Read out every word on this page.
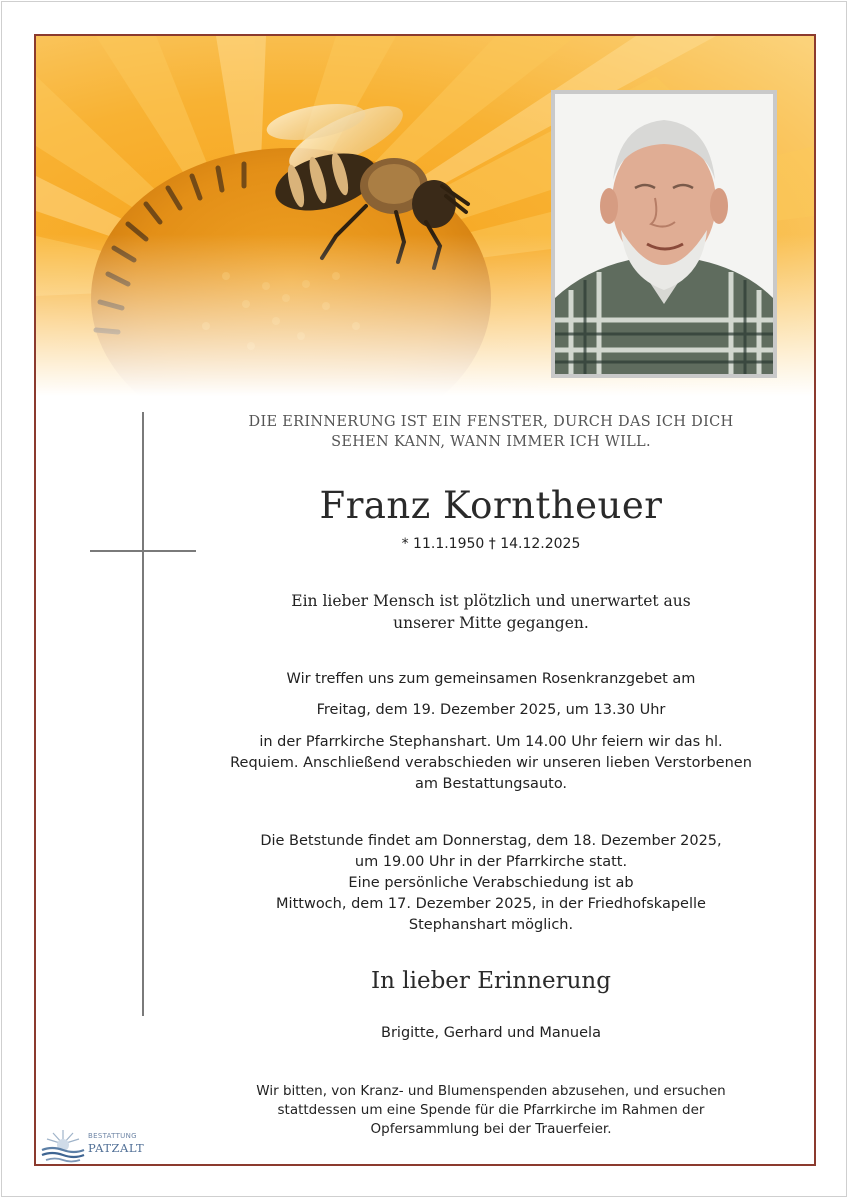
DIE ERINNERUNG IST EIN FENSTER, DURCH DAS ICH DICH
SEHEN KANN, WANN IMMER ICH WILL.
Franz Korntheuer
* 11.1.1950 † 14.12.2025
Ein lieber Mensch ist plötzlich und unerwartet aus
unserer Mitte gegangen.
Wir treffen uns zum gemeinsamen Rosenkranzgebet am
Freitag, dem 19. Dezember 2025, um 13.30 Uhr
in der Pfarrkirche Stephanshart. Um 14.00 Uhr feiern wir das hl.
Requiem. Anschließend verabschieden wir unseren lieben Verstorbenen
am Bestattungsauto.
Die Betstunde findet am Donnerstag, dem 18. Dezember 2025,
um 19.00 Uhr in der Pfarrkirche statt.
Eine persönliche Verabschiedung ist ab
Mittwoch, dem 17. Dezember 2025, in der Friedhofskapelle
Stephanshart möglich.
In lieber Erinnerung
Brigitte, Gerhard und Manuela
Wir bitten, von Kranz- und Blumenspenden abzusehen, und ersuchen
stattdessen um eine Spende für die Pfarrkirche im Rahmen der
Opfersammlung bei der Trauerfeier.
BESTATTUNG
PATZALT
